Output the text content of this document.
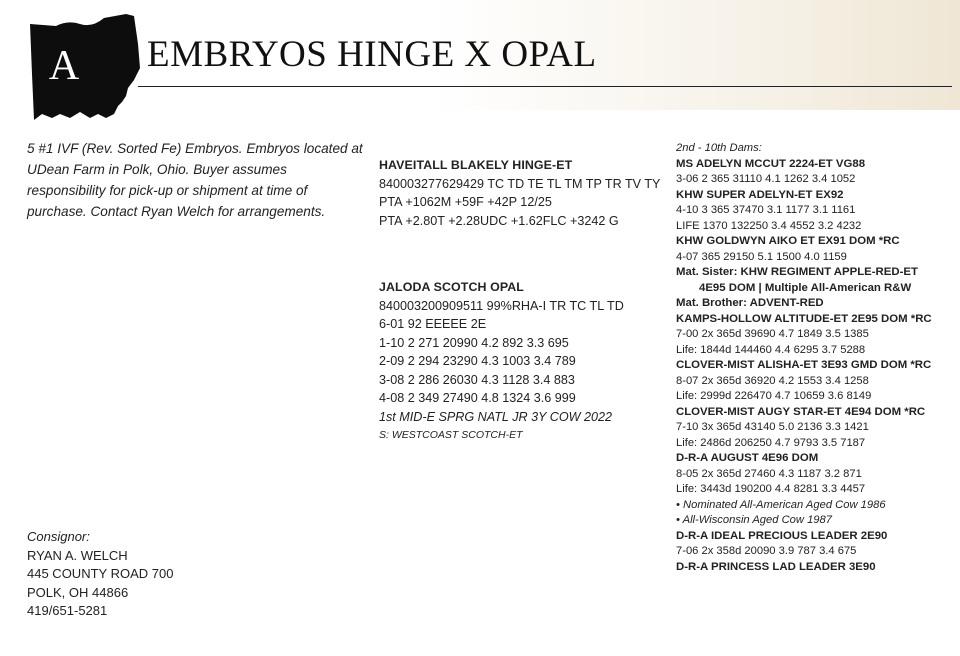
A	EMBRYOS HINGE X OPAL
5 #1 IVF (Rev. Sorted Fe) Embryos. Embryos located at UDean Farm in Polk, Ohio. Buyer assumes responsibility for pick-up or shipment at time of purchase. Contact Ryan Welch for arrangements.
HAVEITALL BLAKELY HINGE-ET
840003277629429 TC TD TE TL TM TP TR TV TY
PTA +1062M +59F +42P 12/25
PTA +2.80T +2.28UDC +1.62FLC +3242 G
JALODA SCOTCH OPAL
840003200909511 99%RHA-I TR TC TL TD
6-01 92 EEEEE 2E
1-10 2 271 20990 4.2 892 3.3 695
2-09 2 294 23290 4.3 1003 3.4 789
3-08 2 286 26030 4.3 1128 3.4 883
4-08 2 349 27490 4.8 1324 3.6 999
1st MID-E SPRG NATL JR 3Y COW 2022
S: WESTCOAST SCOTCH-ET
2nd - 10th Dams:
MS ADELYN MCCUT 2224-ET VG88
3-06 2 365 31110 4.1 1262 3.4 1052
KHW SUPER ADELYN-ET EX92
4-10 3 365 37470 3.1 1177 3.1 1161
LIFE 1370 132250 3.4 4552 3.2 4232
KHW GOLDWYN AIKO ET EX91 DOM *RC
4-07 365 29150 5.1 1500 4.0 1159
Mat. Sister: KHW REGIMENT APPLE-RED-ET
4E95 DOM | Multiple All-American R&W
Mat. Brother: ADVENT-RED
KAMPS-HOLLOW ALTITUDE-ET 2E95 DOM *RC
7-00 2x 365d 39690 4.7 1849 3.5 1385
Life: 1844d 144460 4.4 6295 3.7 5288
CLOVER-MIST ALISHA-ET 3E93 GMD DOM *RC
8-07 2x 365d 36920 4.2 1553 3.4 1258
Life: 2999d 226470 4.7 10659 3.6 8149
CLOVER-MIST AUGY STAR-ET 4E94 DOM *RC
7-10 3x 365d 43140 5.0 2136 3.3 1421
Life: 2486d 206250 4.7 9793 3.5 7187
D-R-A AUGUST 4E96 DOM
8-05 2x 365d 27460 4.3 1187 3.2 871
Life: 3443d 190200 4.4 8281 3.3 4457
• Nominated All-American Aged Cow 1986
• All-Wisconsin Aged Cow 1987
D-R-A IDEAL PRECIOUS LEADER 2E90
7-06 2x 358d 20090 3.9 787 3.4 675
D-R-A PRINCESS LAD LEADER 3E90
Consignor:
RYAN A. WELCH
445 COUNTY ROAD 700
POLK, OH 44866
419/651-5281
